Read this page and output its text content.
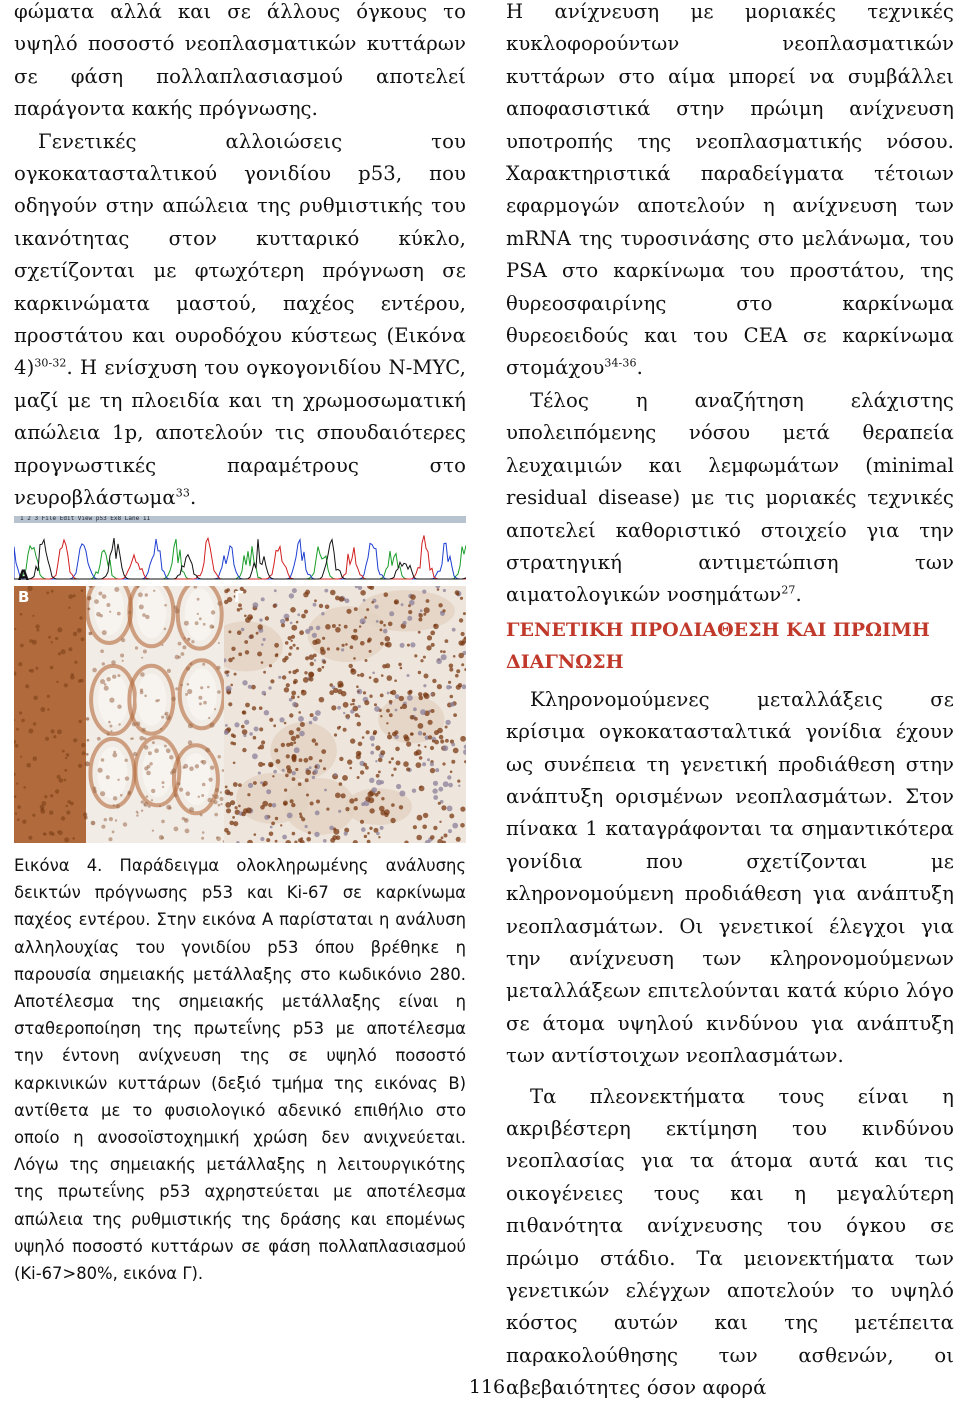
φώματα αλλά και σε άλλους όγκους το υψηλό ποσοστό νεοπλασματικών κυττάρων σε φάση πολλαπλασιασμού αποτελεί παράγοντα κακής πρόγνωσης.

Γενετικές αλλοιώσεις του ογκοκατασταλτικού γονιδίου p53, που οδηγούν στην απώλεια της ρυθμιστικής του ικανότητας στον κυτταρικό κύκλο, σχετίζονται με φτωχότερη πρόγνωση σε καρκινώματα μαστού, παχέος εντέρου, προστάτου και ουροδόχου κύστεως (Εικόνα 4)$^{30-32}$. Η ενίσχυση του ογκογονιδίου N-MYC, μαζί με τη πλοειδία και τη χρωμοσωματική απώλεια 1p, αποτελούν τις σπουδαιότερες προγνωστικές παραμέτρους στο νευροβλάστωμα$^{33}$.

1 2 3 File Edit View p53 Ex8 Lane 11
A
B	Γ

Εικόνα 4. Παράδειγμα ολοκληρωμένης ανάλυσης δεικτών πρόγνωσης p53 και Ki-67 σε καρκίνωμα παχέος εντέρου. Στην εικόνα Α παρίσταται η ανάλυση αλληλουχίας του γονιδίου p53 όπου βρέθηκε η παρουσία σημειακής μετάλλαξης στο κωδικόνιο 280. Αποτέλεσμα της σημειακής μετάλλαξης είναι η σταθεροποίηση της πρωτεΐνης p53 με αποτέλεσμα την έντονη ανίχνευση της σε υψηλό ποσοστό καρκινικών κυττάρων (δεξιό τμήμα της εικόνας Β) αντίθετα με το φυσιολογικό αδενικό επιθήλιο στο οποίο η ανοσοϊστοχημική χρώση δεν ανιχνεύεται. Λόγω της σημειακής μετάλλαξης η λειτουργικότης της πρωτεΐνης p53 αχρηστεύεται με αποτέλεσμα απώλεια της ρυθμιστικής της δράσης και επομένως υψηλό ποσοστό κυττάρων σε φάση πολλαπλασιασμού (Ki-67>80%, εικόνα Γ).

Η ανίχνευση με μοριακές τεχνικές κυκλοφορούντων νεοπλασματικών κυττάρων στο αίμα μπορεί να συμβάλλει αποφασιστικά στην πρώιμη ανίχνευση υποτροπής της νεοπλασματικής νόσου. Χαρακτηριστικά παραδείγματα τέτοιων εφαρμογών αποτελούν η ανίχνευση των mRNA της τυροσινάσης στο μελάνωμα, του PSA στο καρκίνωμα του προστάτου, της θυρεοσφαιρίνης στο καρκίνωμα θυρεοειδούς και του CEA σε καρκίνωμα στομάχου$^{34-36}$.

Τέλος η αναζήτηση ελάχιστης υπολειπόμενης νόσου μετά θεραπεία λευχαιμιών και λεμφωμάτων (minimal residual disease) με τις μοριακές τεχνικές αποτελεί καθοριστικό στοιχείο για την στρατηγική αντιμετώπιση των αιματολογικών νοσημάτων$^{27}$.

ΓΕΝΕΤΙΚΗ ΠΡΟΔΙΑΘΕΣΗ ΚΑΙ ΠΡΩΙΜΗ ΔΙΑΓΝΩΣΗ

Κληρονομούμενες μεταλλάξεις σε κρίσιμα ογκοκατασταλτικά γονίδια έχουν ως συνέπεια τη γενετική προδιάθεση στην ανάπτυξη ορισμένων νεοπλασμάτων. Στον πίνακα 1 καταγράφονται τα σημαντικότερα γονίδια που σχετίζονται με κληρονομούμενη προδιάθεση για ανάπτυξη νεοπλασμάτων. Οι γενετικοί έλεγχοι για την ανίχνευση των κληρονομούμενων μεταλλάξεων επιτελούνται κατά κύριο λόγο σε άτομα υψηλού κινδύνου για ανάπτυξη των αντίστοιχων νεοπλασμάτων.

Τα πλεονεκτήματα τους είναι η ακριβέστερη εκτίμηση του κινδύνου νεοπλασίας για τα άτομα αυτά και τις οικογένειες τους και η μεγαλύτερη πιθανότητα ανίχνευσης του όγκου σε πρώιμο στάδιο. Τα μειονεκτήματα των γενετικών ελέγχων αποτελούν το υψηλό κόστος αυτών και της μετέπειτα παρακολούθησης των ασθενών, οι αβεβαιότητες όσον αφορά

116
